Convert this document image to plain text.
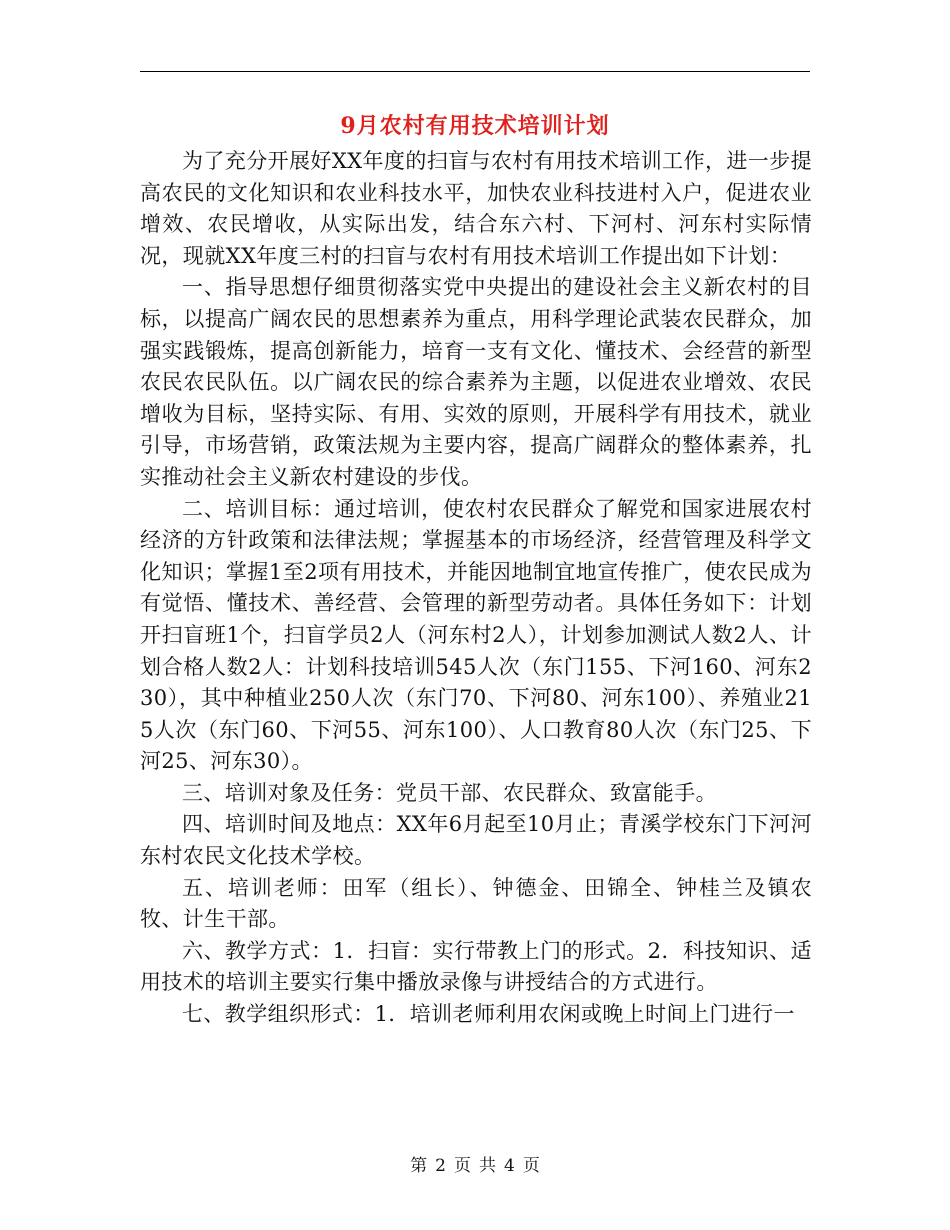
9月农村有用技术培训计划

为了充分开展好XX年度的扫盲与农村有用技术培训工作，进一步提高农民的文化知识和农业科技水平，加快农业科技进村入户，促进农业增效、农民增收，从实际出发，结合东六村、下河村、河东村实际情况，现就XX年度三村的扫盲与农村有用技术培训工作提出如下计划：

一、指导思想仔细贯彻落实党中央提出的建设社会主义新农村的目标，以提高广阔农民的思想素养为重点，用科学理论武装农民群众，加强实践锻炼，提高创新能力，培育一支有文化、懂技术、会经营的新型农民农民队伍。以广阔农民的综合素养为主题，以促进农业增效、农民增收为目标，坚持实际、有用、实效的原则，开展科学有用技术，就业引导，市场营销，政策法规为主要内容，提高广阔群众的整体素养，扎实推动社会主义新农村建设的步伐。

二、培训目标：通过培训，使农村农民群众了解党和国家进展农村经济的方针政策和法律法规；掌握基本的市场经济，经营管理及科学文化知识；掌握1至2项有用技术，并能因地制宜地宣传推广，使农民成为有觉悟、懂技术、善经营、会管理的新型劳动者。具体任务如下：计划开扫盲班1个，扫盲学员2人（河东村2人），计划参加测试人数2人、计划合格人数2人：计划科技培训545人次（东门155、下河160、河东230），其中种植业250人次（东门70、下河80、河东100）、养殖业215人次（东门60、下河55、河东100）、人口教育80人次（东门25、下河25、河东30）。

三、培训对象及任务：党员干部、农民群众、致富能手。

四、培训时间及地点：XX年6月起至10月止；青溪学校东门下河河东村农民文化技术学校。

五、培训老师：田军（组长）、钟德金、田锦全、钟桂兰及镇农牧、计生干部。

六、教学方式：1．扫盲：实行带教上门的形式。2．科技知识、适用技术的培训主要实行集中播放录像与讲授结合的方式进行。

七、教学组织形式：1．培训老师利用农闲或晚上时间上门进行一

第 2 页 共 4 页
